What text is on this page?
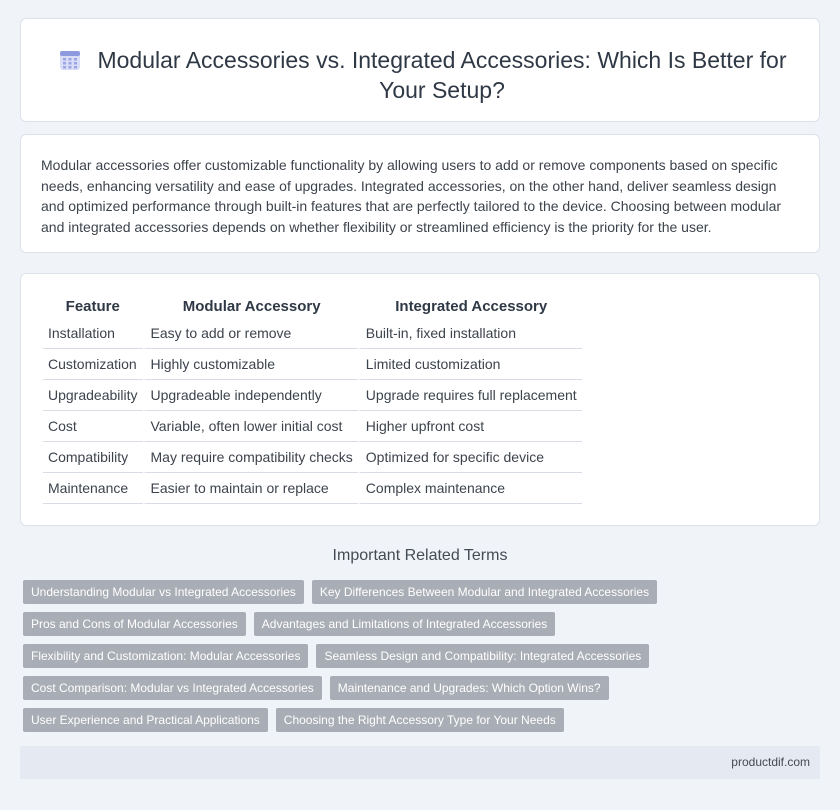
Modular Accessories vs. Integrated Accessories: Which Is Better for Your Setup?

Modular accessories offer customizable functionality by allowing users to add or remove components based on specific needs, enhancing versatility and ease of upgrades. Integrated accessories, on the other hand, deliver seamless design and optimized performance through built-in features that are perfectly tailored to the device. Choosing between modular and integrated accessories depends on whether flexibility or streamlined efficiency is the priority for the user.

Feature	Modular Accessory	Integrated Accessory
Installation	Easy to add or remove	Built-in, fixed installation
Customization	Highly customizable	Limited customization
Upgradeability	Upgradeable independently	Upgrade requires full replacement
Cost	Variable, often lower initial cost	Higher upfront cost
Compatibility	May require compatibility checks	Optimized for specific device
Maintenance	Easier to maintain or replace	Complex maintenance
Important Related Terms
Understanding Modular vs Integrated Accessories	Key Differences Between Modular and Integrated Accessories
Pros and Cons of Modular Accessories	Advantages and Limitations of Integrated Accessories
Flexibility and Customization: Modular Accessories	Seamless Design and Compatibility: Integrated Accessories
Cost Comparison: Modular vs Integrated Accessories	Maintenance and Upgrades: Which Option Wins?
User Experience and Practical Applications	Choosing the Right Accessory Type for Your Needs
productdif.com
